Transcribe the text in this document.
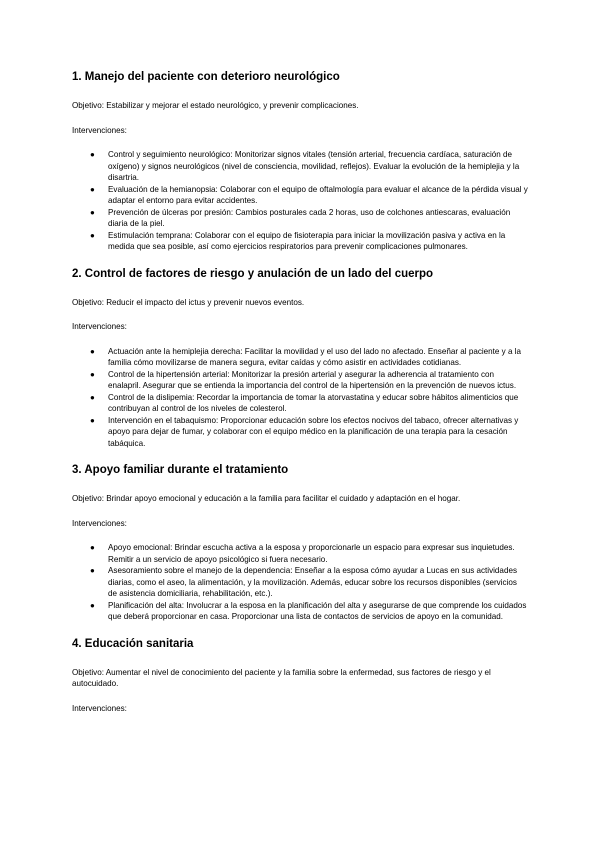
1. Manejo del paciente con deterioro neurológico

Objetivo: Estabilizar y mejorar el estado neurológico, y prevenir complicaciones.

Intervenciones:

● Control y seguimiento neurológico: Monitorizar signos vitales (tensión arterial, frecuencia cardíaca, saturación de oxígeno) y signos neurológicos (nivel de consciencia, movilidad, reflejos). Evaluar la evolución de la hemiplejia y la disartria.
● Evaluación de la hemianopsia: Colaborar con el equipo de oftalmología para evaluar el alcance de la pérdida visual y adaptar el entorno para evitar accidentes.
● Prevención de úlceras por presión: Cambios posturales cada 2 horas, uso de colchones antiescaras, evaluación diaria de la piel.
● Estimulación temprana: Colaborar con el equipo de fisioterapia para iniciar la movilización pasiva y activa en la medida que sea posible, así como ejercicios respiratorios para prevenir complicaciones pulmonares.
2. Control de factores de riesgo y anulación de un lado del cuerpo

Objetivo: Reducir el impacto del ictus y prevenir nuevos eventos.

Intervenciones:

● Actuación ante la hemiplejia derecha: Facilitar la movilidad y el uso del lado no afectado. Enseñar al paciente y a la familia cómo movilizarse de manera segura, evitar caídas y cómo asistir en actividades cotidianas.
● Control de la hipertensión arterial: Monitorizar la presión arterial y asegurar la adherencia al tratamiento con enalapril. Asegurar que se entienda la importancia del control de la hipertensión en la prevención de nuevos ictus.
● Control de la dislipemia: Recordar la importancia de tomar la atorvastatina y educar sobre hábitos alimenticios que contribuyan al control de los niveles de colesterol.
● Intervención en el tabaquismo: Proporcionar educación sobre los efectos nocivos del tabaco, ofrecer alternativas y apoyo para dejar de fumar, y colaborar con el equipo médico en la planificación de una terapia para la cesación tabáquica.
3. Apoyo familiar durante el tratamiento

Objetivo: Brindar apoyo emocional y educación a la familia para facilitar el cuidado y adaptación en el hogar.

Intervenciones:

● Apoyo emocional: Brindar escucha activa a la esposa y proporcionarle un espacio para expresar sus inquietudes. Remitir a un servicio de apoyo psicológico si fuera necesario.
● Asesoramiento sobre el manejo de la dependencia: Enseñar a la esposa cómo ayudar a Lucas en sus actividades diarias, como el aseo, la alimentación, y la movilización. Además, educar sobre los recursos disponibles (servicios de asistencia domiciliaria, rehabilitación, etc.).
● Planificación del alta: Involucrar a la esposa en la planificación del alta y asegurarse de que comprende los cuidados que deberá proporcionar en casa. Proporcionar una lista de contactos de servicios de apoyo en la comunidad.
4. Educación sanitaria

Objetivo: Aumentar el nivel de conocimiento del paciente y la familia sobre la enfermedad, sus factores de riesgo y el autocuidado.

Intervenciones:
